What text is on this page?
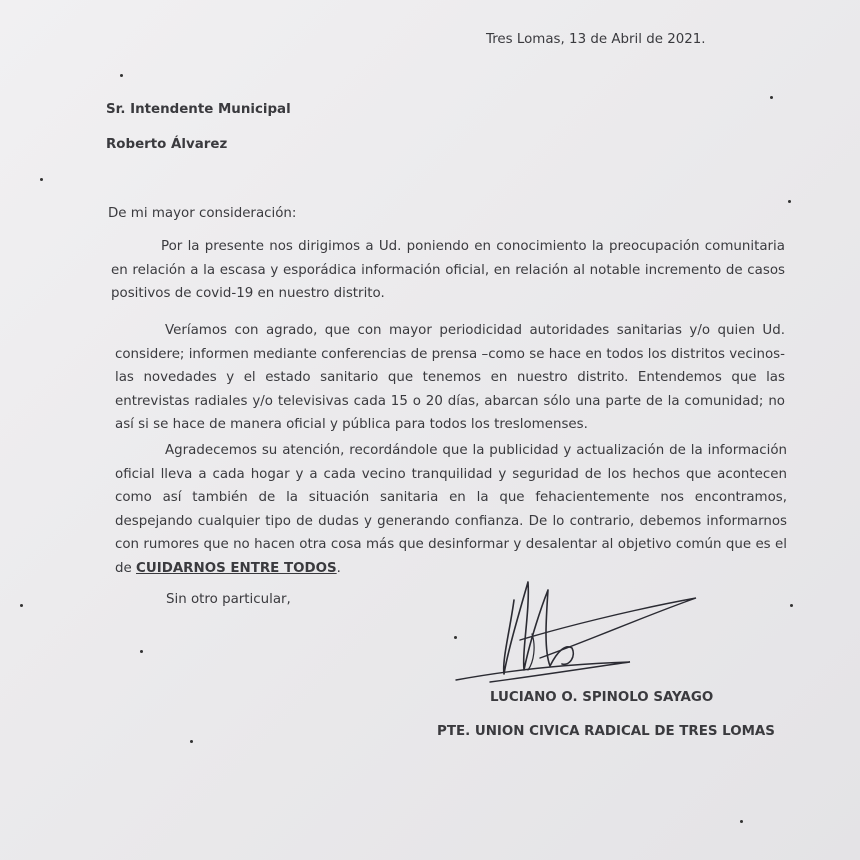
Tres Lomas, 13 de Abril de 2021.
Sr. Intendente Municipal
Roberto Álvarez
De mi mayor consideración:
Por la presente nos dirigimos a Ud. poniendo en conocimiento la preocupación comunitaria en relación a la escasa y esporádica información oficial, en relación al notable incremento de casos positivos de covid-19 en nuestro distrito.
Veríamos con agrado, que con mayor periodicidad autoridades sanitarias y/o quien Ud. considere; informen mediante conferencias de prensa –como se hace en todos los distritos vecinos- las novedades y el estado sanitario que tenemos en nuestro distrito. Entendemos que las entrevistas radiales y/o televisivas cada 15 o 20 días, abarcan sólo una parte de la comunidad; no así si se hace de manera oficial y pública para todos los treslomenses.
Agradecemos su atención, recordándole que la publicidad y actualización de la información oficial lleva a cada hogar y a cada vecino tranquilidad y seguridad de los hechos que acontecen como así también de la situación sanitaria en la que fehacientemente nos encontramos, despejando cualquier tipo de dudas y generando confianza. De lo contrario, debemos informarnos con rumores que no hacen otra cosa más que desinformar y desalentar al objetivo común que es el de CUIDARNOS ENTRE TODOS.
Sin otro particular,
LUCIANO O. SPINOLO SAYAGO
PTE. UNION CIVICA RADICAL DE TRES LOMAS
